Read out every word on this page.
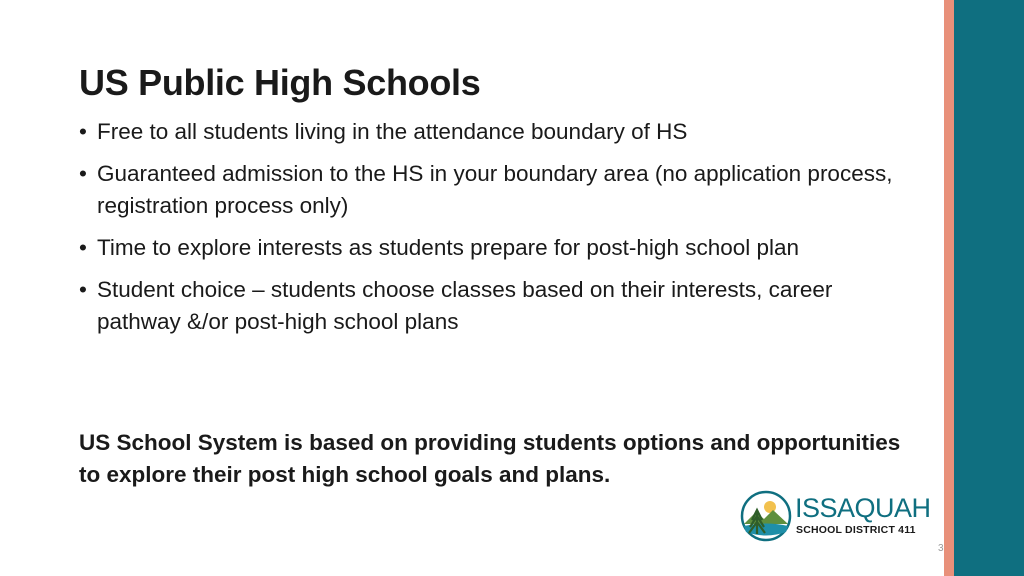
US Public High Schools
• Free to all students living in the attendance boundary of HS
• Guaranteed admission to the HS in your boundary area (no application process, registration process only)
• Time to explore interests as students prepare for post-high school plan
• Student choice – students choose classes based on their interests, career pathway &/or post-high school plans

US School System is based on providing students options and opportunities to explore their post high school goals and plans.

ISSAQUAH
SCHOOL DISTRICT 411
3
